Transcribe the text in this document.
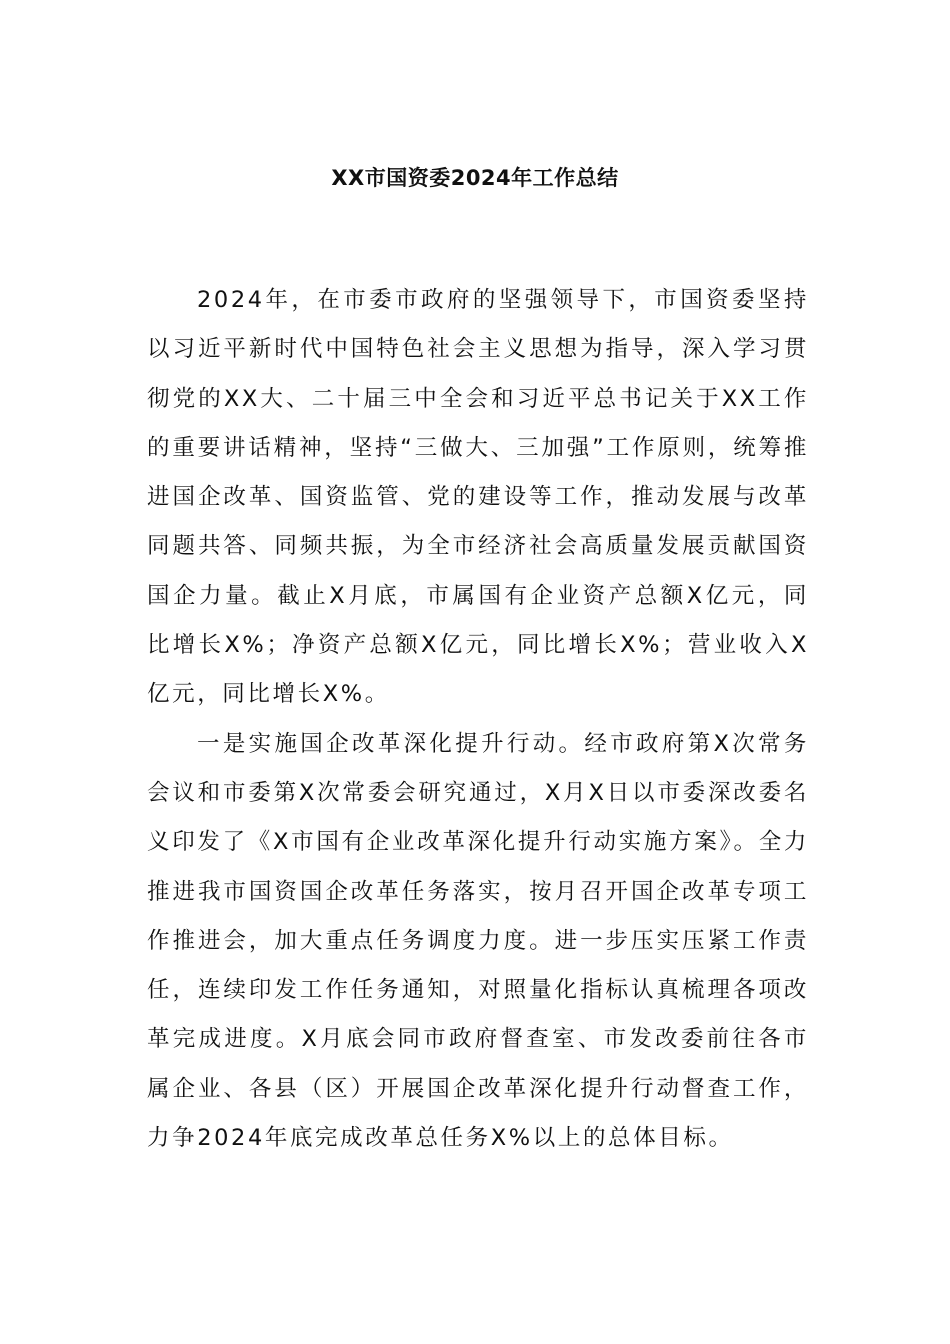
XX市国资委2024年工作总结

2024年，在市委市政府的坚强领导下，市国资委坚持以习近平新时代中国特色社会主义思想为指导，深入学习贯彻党的XX大、二十届三中全会和习近平总书记关于XX工作的重要讲话精神，坚持“三做大、三加强”工作原则，统筹推进国企改革、国资监管、党的建设等工作，推动发展与改革同题共答、同频共振，为全市经济社会高质量发展贡献国资国企力量。截止X月底，市属国有企业资产总额X亿元，同比增长X%；净资产总额X亿元，同比增长X%；营业收入X亿元，同比增长X%。

一是实施国企改革深化提升行动。经市政府第X次常务会议和市委第X次常委会研究通过，X月X日以市委深改委名义印发了《X市国有企业改革深化提升行动实施方案》。全力推进我市国资国企改革任务落实，按月召开国企改革专项工作推进会，加大重点任务调度力度。进一步压实压紧工作责任，连续印发工作任务通知，对照量化指标认真梳理各项改革完成进度。X月底会同市政府督查室、市发改委前往各市属企业、各县（区）开展国企改革深化提升行动督查工作，力争2024年底完成改革总任务X%以上的总体目标。
